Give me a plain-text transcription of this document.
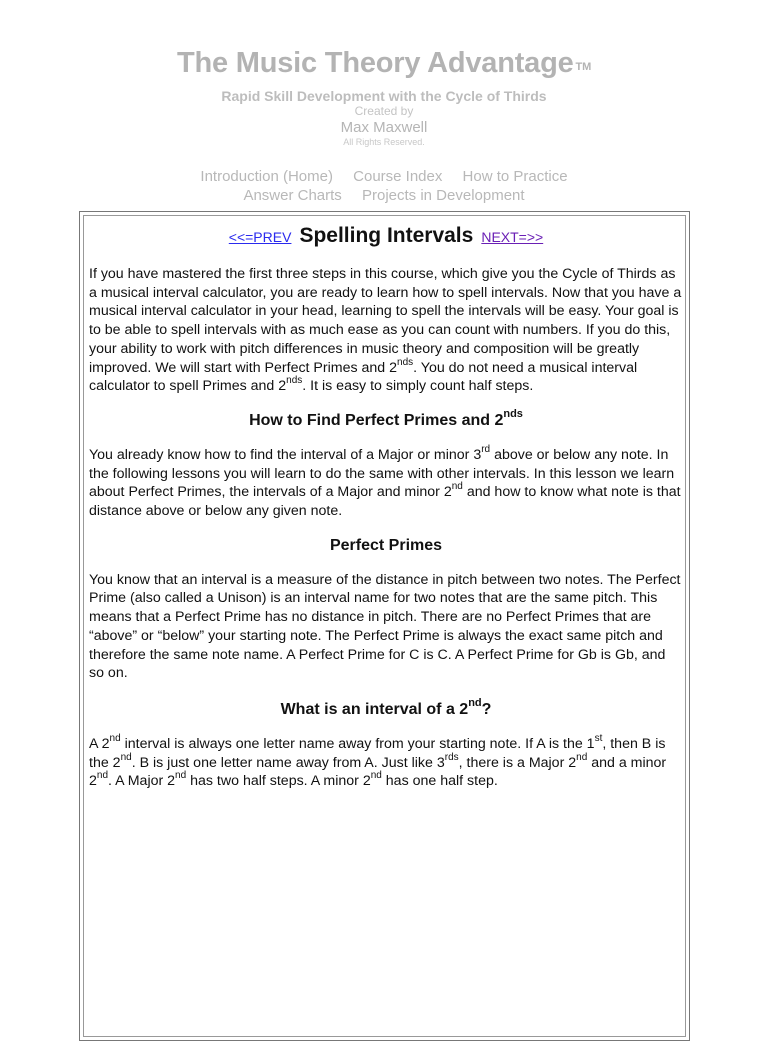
The Music Theory Advantage TM
Rapid Skill Development with the Cycle of Thirds
Created by
Max Maxwell
All Rights Reserved.
Introduction (Home) Course Index How to Practice
Answer Charts Projects in Development
<<=PREV Spelling Intervals NEXT=>>

If you have mastered the first three steps in this course, which give you the Cycle of Thirds as a musical interval calculator, you are ready to learn how to spell intervals. Now that you have a musical interval calculator in your head, learning to spell the intervals will be easy. Your goal is to be able to spell intervals with as much ease as you can count with numbers. If you do this, your ability to work with pitch differences in music theory and composition will be greatly improved. We will start with Perfect Primes and $2^{nds}$. You do not need a musical interval calculator to spell Primes and $2^{nds}$. It is easy to simply count half steps.

How to Find Perfect Primes and $2^{nds}$

You already know how to find the interval of a Major or minor 3rd above or below any note. In the following lessons you will learn to do the same with other intervals. In this lesson we learn about Perfect Primes, the intervals of a Major and minor 2nd and how to know what note is that distance above or below any given note.

Perfect Primes

You know that an interval is a measure of the distance in pitch between two notes. The Perfect Prime (also called a Unison) is an interval name for two notes that are the same pitch. This means that a Perfect Prime has no distance in pitch. There are no Perfect Primes that are “above” or “below” your starting note. The Perfect Prime is always the exact same pitch and therefore the same note name. A Perfect Prime for C is C. A Perfect Prime for Gb is Gb, and so on.

What is an interval of a 2nd?

A 2nd interval is always one letter name away from your starting note. If A is the 1st, then B is the 2nd. B is just one letter name away from A. Just like $3^{rds}$, there is a Major 2nd and a minor 2nd. A Major 2nd has two half steps. A minor 2nd has one half step.
